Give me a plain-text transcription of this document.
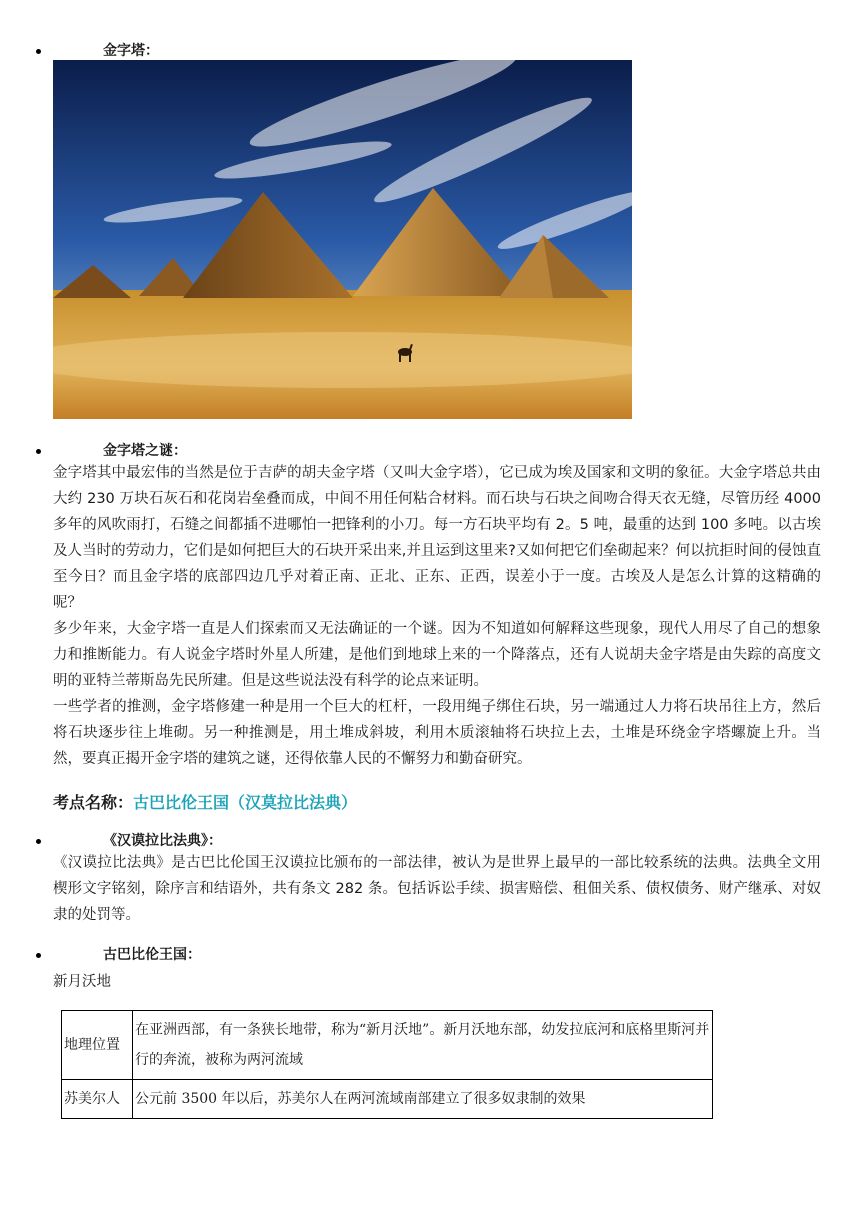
金字塔：
金字塔之谜：

金字塔其中最宏伟的当然是位于吉萨的胡夫金字塔（又叫大金字塔），它已成为埃及国家和文明的象征。大金字塔总共由大约 230 万块石灰石和花岗岩垒叠而成，中间不用任何粘合材料。而石块与石块之间吻合得天衣无缝，尽管历经 4000 多年的风吹雨打，石缝之间都插不进哪怕一把锋利的小刀。每一方石块平均有 2。5 吨，最重的达到 100 多吨。以古埃及人当时的劳动力，它们是如何把巨大的石块开采出来,并且运到这里来?又如何把它们垒砌起来？何以抗拒时间的侵蚀直至今日？而且金字塔的底部四边几乎对着正南、正北、正东、正西，误差小于一度。古埃及人是怎么计算的这精确的呢？

多少年来，大金字塔一直是人们探索而又无法确证的一个谜。因为不知道如何解释这些现象，现代人用尽了自己的想象力和推断能力。有人说金字塔时外星人所建，是他们到地球上来的一个降落点，还有人说胡夫金字塔是由失踪的高度文明的亚特兰蒂斯岛先民所建。但是这些说法没有科学的论点来证明。

一些学者的推测，金字塔修建一种是用一个巨大的杠杆，一段用绳子绑住石块，另一端通过人力将石块吊往上方，然后将石块逐步往上堆砌。另一种推测是，用土堆成斜坡，利用木质滚轴将石块拉上去，土堆是环绕金字塔螺旋上升。当然，要真正揭开金字塔的建筑之谜，还得依靠人民的不懈努力和勤奋研究。

考点名称：古巴比伦王国（汉莫拉比法典）
《汉谟拉比法典》：

《汉谟拉比法典》是古巴比伦国王汉谟拉比颁布的一部法律，被认为是世界上最早的一部比较系统的法典。法典全文用楔形文字铭刻，除序言和结语外，共有条文 282 条。包括诉讼手续、损害赔偿、租佃关系、债权债务、财产继承、对奴隶的处罚等。

古巴比伦王国：
新月沃地
地理位置	在亚洲西部，有一条狭长地带，称为“新月沃地”。新月沃地东部，幼发拉底河和底格里斯河并行的奔流，被称为两河流域
苏美尔人	公元前 3500 年以后，苏美尔人在两河流域南部建立了很多奴隶制的效果
